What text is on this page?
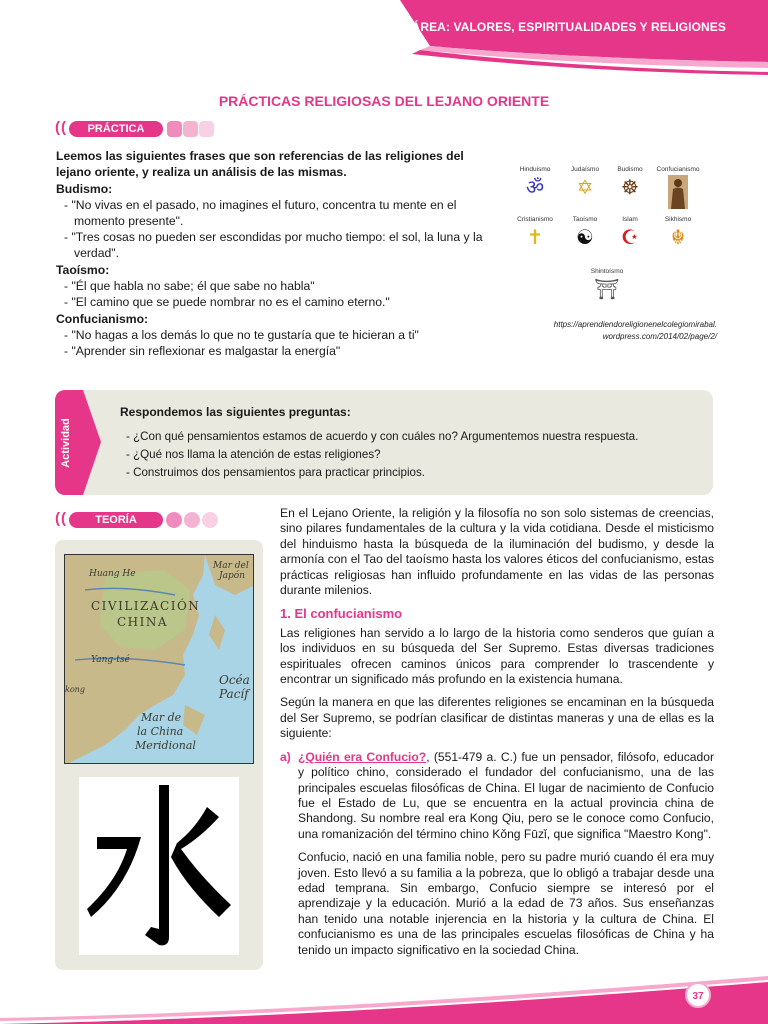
ÁREA: VALORES, ESPIRITUALIDADES Y RELIGIONES
PRÁCTICAS RELIGIOSAS DEL LEJANO ORIENTE
( (	PRÁCTICA
Leemos las siguientes frases que son referencias de las religiones del lejano oriente, y realiza un análisis de las mismas.
Budismo:
- "No vivas en el pasado, no imagines el futuro, concentra tu mente en el momento presente".
- "Tres cosas no pueden ser escondidas por mucho tiempo: el sol, la luna y la verdad".
Taoísmo:
- "Él que habla no sabe; él que sabe no habla"
- "El camino que se puede nombrar no es el camino eterno."
Confucianismo:
- "No hagas a los demás lo que no te gustaría que te hicieran a ti"
- "Aprender sin reflexionar es malgastar la energía"
Hinduismo
ॐ
Judaísmo
✡
Budismo
☸
Confucianismo
Cristianismo
✝
Taoísmo
☯
Islam
☪
Sikhismo
☬
Shintoísmo
⛩
https://aprendiendoreligionenelcolegiomirabal.
wordpress.com/2014/02/page/2/
Actividad
Respondemos las siguientes preguntas:
- ¿Con qué pensamientos estamos de acuerdo y con cuáles no? Argumentemos nuestra respuesta.
- ¿Qué nos llama la atención de estas religiones?
- Construimos dos pensamientos para practicar principios.
( (	TEORÍA
Huang He
Mar del
Japón
CIVILIZACIÓN
CHINA
Yang-tsé
kong
Océa
Pacíf
Mar de
la China
Meridional

En el Lejano Oriente, la religión y la filosofía no son solo sistemas de creencias, sino pilares fundamentales de la cultura y la vida cotidiana. Desde el misticismo del hinduismo hasta la búsqueda de la iluminación del budismo, y desde la armonía con el Tao del taoísmo hasta los valores éticos del confucianismo, estas prácticas religiosas han influido profundamente en las vidas de las personas durante milenios.

1. El confucianismo

Las religiones han servido a lo largo de la historia como senderos que guían a los individuos en su búsqueda del Ser Supremo. Estas diversas tradiciones espirituales ofrecen caminos únicos para comprender lo trascendente y encontrar un significado más profundo en la existencia humana.

Según la manera en que las diferentes religiones se encaminan en la búsqueda del Ser Supremo, se podrían clasificar de distintas maneras y una de ellas es la siguiente:

a) ¿Quién era Confucio?, (551-479 a. C.) fue un pensador, filósofo, educador y político chino, considerado el fundador del confucianismo, una de las principales escuelas filosóficas de China. El lugar de nacimiento de Confucio fue el Estado de Lu, que se encuentra en la actual provincia china de Shandong. Su nombre real era Kong Qiu, pero se le conoce como Confucio, una romanización del término chino Kǒng Fūzǐ, que significa "Maestro Kong".

Confucio, nació en una familia noble, pero su padre murió cuando él era muy joven. Esto llevó a su familia a la pobreza, que lo obligó a trabajar desde una edad temprana. Sin embargo, Confucio siempre se interesó por el aprendizaje y la educación. Murió a la edad de 73 años. Sus enseñanzas han tenido una notable injerencia en la historia y la cultura de China. El confucianismo es una de las principales escuelas filosóficas de China y ha tenido un impacto significativo en la sociedad China.

37
